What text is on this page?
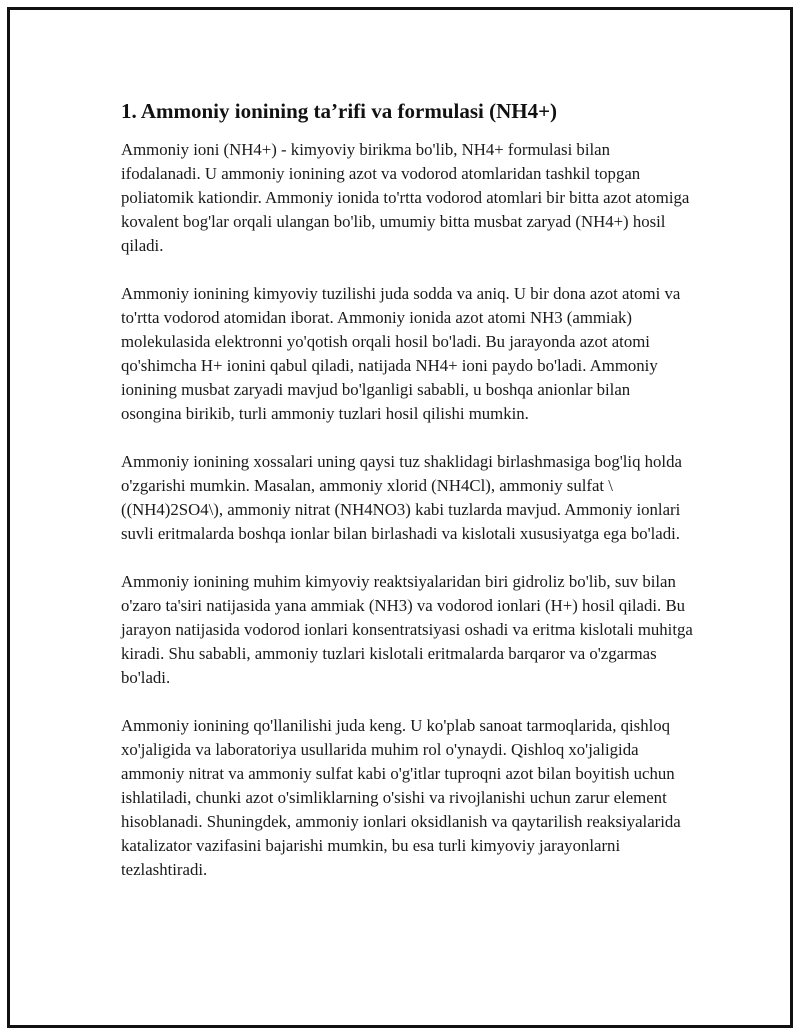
1. Ammoniy ionining ta’rifi va formulasi (NH4+)

Ammoniy ioni (NH4+) - kimyoviy birikma bo'lib, NH4+ formulasi bilan ifodalanadi. U ammoniy ionining azot va vodorod atomlaridan tashkil topgan poliatomik kationdir. Ammoniy ionida to'rtta vodorod atomlari bir bitta azot atomiga kovalent bog'lar orqali ulangan bo'lib, umumiy bitta musbat zaryad (NH4+) hosil qiladi.

Ammoniy ionining kimyoviy tuzilishi juda sodda va aniq. U bir dona azot atomi va to'rtta vodorod atomidan iborat. Ammoniy ionida azot atomi NH3 (ammiak) molekulasida elektronni yo'qotish orqali hosil bo'ladi. Bu jarayonda azot atomi qo'shimcha H+ ionini qabul qiladi, natijada NH4+ ioni paydo bo'ladi. Ammoniy ionining musbat zaryadi mavjud bo'lganligi sababli, u boshqa anionlar bilan osongina birikib, turli ammoniy tuzlari hosil qilishi mumkin.

Ammoniy ionining xossalari uning qaysi tuz shaklidagi birlashmasiga bog'liq holda o'zgarishi mumkin. Masalan, ammoniy xlorid (NH4Cl), ammoniy sulfat \((NH4)2SO4\), ammoniy nitrat (NH4NO3) kabi tuzlarda mavjud. Ammoniy ionlari suvli eritmalarda boshqa ionlar bilan birlashadi va kislotali xususiyatga ega bo'ladi.

Ammoniy ionining muhim kimyoviy reaktsiyalaridan biri gidroliz bo'lib, suv bilan o'zaro ta'siri natijasida yana ammiak (NH3) va vodorod ionlari (H+) hosil qiladi. Bu jarayon natijasida vodorod ionlari konsentratsiyasi oshadi va eritma kislotali muhitga kiradi. Shu sababli, ammoniy tuzlari kislotali eritmalarda barqaror va o'zgarmas bo'ladi.

Ammoniy ionining qo'llanilishi juda keng. U ko'plab sanoat tarmoqlarida, qishloq xo'jaligida va laboratoriya usullarida muhim rol o'ynaydi. Qishloq xo'jaligida ammoniy nitrat va ammoniy sulfat kabi o'g'itlar tuproqni azot bilan boyitish uchun ishlatiladi, chunki azot o'simliklarning o'sishi va rivojlanishi uchun zarur element hisoblanadi. Shuningdek, ammoniy ionlari oksidlanish va qaytarilish reaksiyalarida katalizator vazifasini bajarishi mumkin, bu esa turli kimyoviy jarayonlarni tezlashtiradi.
